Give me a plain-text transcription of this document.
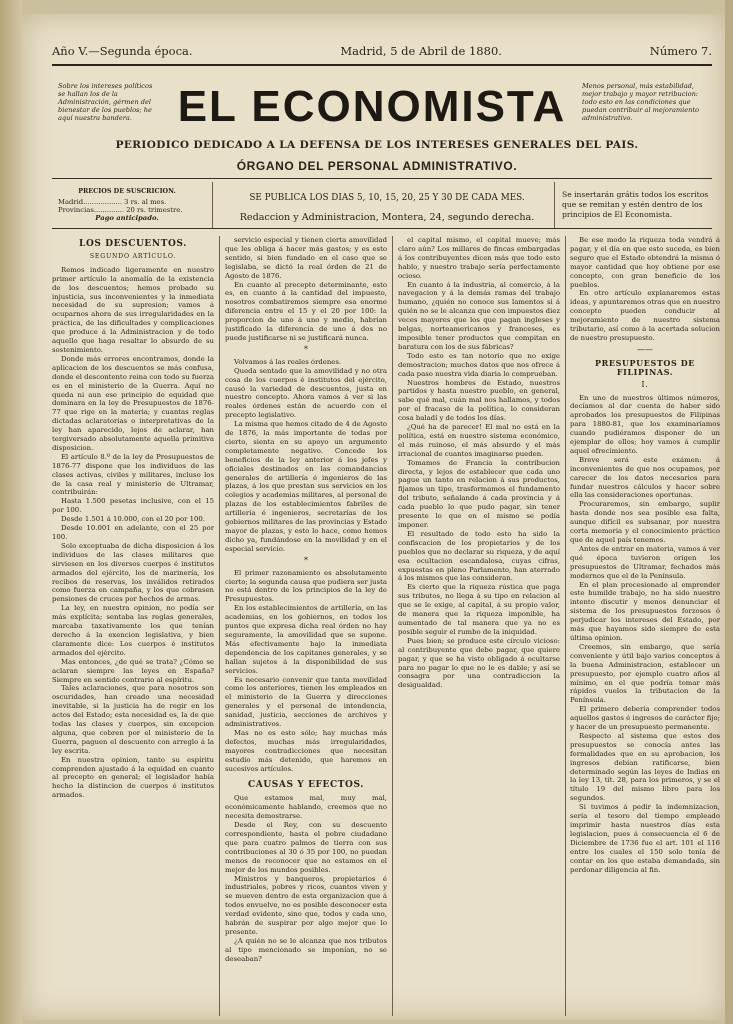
Año V.—Segunda época.	Madrid, 5 de Abril de 1880.	Número 7.
Sobre los intereses políticos se hallan los de la Administración, gérmen del bienestar de los pueblos; he aquí nuestra bandera.	EL ECONOMISTA	Menos personal, más estabilidad, mejor trabajo y mayor retribucion: todo esto en las condiciones que puedan contribuir al mejoramiento administrativo.
PERIODICO DEDICADO A LA DEFENSA DE LOS INTERESES GENERALES DEL PAIS.
ÓRGANO DEL PERSONAL ADMINISTRATIVO.
PRECIOS DE SUSCRICION.
Madrid.................. 3 rs. al mes.
Provincias.............. 20 rs. trimestre.
Pago anticipado.
SE PUBLICA LOS DIAS 5, 10, 15, 20, 25 Y 30 DE CADA MES.
Redaccion y Administracion, Montera, 24, segundo derecha.
Se insertarán grátis todos los escritos que se remitan y estén dentro de los principios de El Economista.
LOS DESCUENTOS.
SEGUNDO ARTÍCULO.

Remos indicado ligeramente en nuestro primer artículo la anomalía de la existencia de los descuentos; hemos probado su injusticia, sus inconvenientes y la inmediata necesidad de su supresion; vamos á ocuparnos ahora de sus irregularidades en la práctica, de las dificultades y complicaciones que produce á la Administracion y de todo aquello que haga resaltar lo absurdo de su sostenimiento.

Donde más errores encontramos, donde la aplicacion de los descuentos se más confusa, donde el descontento reina con todo su fuerza es en el ministerio de la Guerra. Aquí no queda ni aun ese principio de equidad que dominara en la ley de Presupuestos de 1876-77 que rige en la materia; y cuantas reglas dictadas aclaratorias o interpretativas de la ley han aparecido, lejos de aclarar, han tergiversado absolutamente aquella primitiva disposicion.

El artículo 8.º de la ley de Presupuestos de 1876-77 dispone que los individuos de las clases activas, civiles y militares, incluso los de la casa real y ministerio de Ultramar, contribuirán:

Hasta 1.500 pesetas inclusive, con el 15 por 100.

Desde 1.501 á 10.000, con el 20 por 100.

Desde 10.001 en adelante, con el 25 por 100.

Solo exceptuaba de dicha disposicion á los individuos de las clases militares que sirviesen en los diversos cuerpos é institutos armados del ejército, los de marinería, los recibos de reservas, los inválidos retirados como fuerza en campaña, y los que cobrasen pensiones de cruces por hechos de armas.

La ley, en nuestra opinion, no podía ser más explícita; sentaba las reglas generales, marcaba taxativamente los que tenían derecho á la exencion legislativa, y bien claramente dice: Los cuerpos é institutos armados del ejército.

Mas entonces, ¿de qué se trata? ¿Cómo se aclaran siempre las leyes en España? Siempre en sentido contrario al espíritu.

Tales aclaraciones, que para nosotros son oscuridades, han creado una necesidad inevitable, si la justicia ha de regir en los actos del Estado; esta necesidad es, la de que todas las clases y cuerpos, sin excepcion alguna, que cobren por el ministerio de la Guerra, paguen el descuento con arreglo á la ley escrita.

En nuestra opinion, tanto su espíritu comprenden ajustado á la equidad en cuanto al precepto en general; el legislador había hecho la distincion de cuerpos é institutos armados.

servicio especial y tienen cierta amovilidad que les obliga á hacer más gastos; y es esto sentido, si bien fundado en el caso que se legislaba, se dictó la real órden de 21 de Agosto de 1876.

En cuanto al precepto determinante, esto es, en cuanto á la cantidad del impuesto, nosotros combatiremos siempre esa enorme diferencia entre el 15 y el 20 por 100: la proporcion de uno á uno y medio, habrían justificado la diferencia de uno á dos no puede justificarse ni se justificará nunca.

*

Volvamos á las reales órdenes.

Queda sentado que la amovilidad y no otra cosa de los cuerpos é institutos del ejército, causó la variedad de descuentos, justa en nuestro concepto. Ahora vamos á ver si las reales órdenes están de acuerdo con el precepto legislativo.

La misma que hemos citado de 4 de Agosto de 1876, la más importante de todas por cierto, sienta en su apoyo un argumento completamente negativo. Concede los beneficios de la ley anterior á los jefes y oficiales destinados en las comandancias generales de artillería é ingenieros de las plazas, á los que prestan sus servicios en los colegios y academias militares, al personal de plazas de los establecimientos fabriles de artillería é ingenieros, secretarías de los gobiernos militares de las provincias y Estado mayor de plazas, y esto lo hace, como hemos dicho ya, fundándose en la movilidad y en el especial servicio.

*

El primer razonamiento es absolutamente cierto; la segunda causa que pudiera ser justa no está dentro de los principios de la ley de Presupuestos.

En los establecimientos de artillería, en las academias, en los gobiernos, en todos los puntos que expresa dicha real órden no hay seguramente, la amovilidad que se supone. Más efectivamente bajo la inmediata dependencia de los capitanes generales, y se hallan sujetos á la disponibilidad de sus servicios.

Es necesario convenir que tanta movilidad como los anteriores, tienen los empleados en el ministerio de la Guerra y direcciones generales y el personal de intendencia, sanidad, justicia, secciones de archivos y administrativos.

Mas no es esto sólo; hay muchas más defectos, muchas más irregularidades, mayores contradicciones que necesitan estudio más detenido, que haremos en sucesivos artículos.

CAUSAS Y EFECTOS.

Que estamos mal, muy mal, económicamente hablando, creemos que no necesita demostrarse.

Desde el Rey, con su descuento correspondiente, hasta el pobre ciudadano que para cuatro palmos de tierra con sus contribuciones al 30 ó 35 por 100, no puedan menos de reconocer que no estamos en el mejor de los mundos posibles.

Ministros y banqueros, propietarios é industriales, pobres y ricos, cuantos viven y se mueven dentro de esta organizacion que á todos envuelve, no es posible desconocer esta verdad evidente, sino que, todos y cada uno, habrán de suspirar por algo mejor que lo presente.

¿A quién no se le alcanza que nos tributos al tipo mencionado se imponían, no se deseaban?

el capital mismo, el capital mueve; más claro aún? Los millares de fincas embargadas á los contribuyentes dicen más que todo esto hablo, y nuestro trabajo sería perfectamente ocioso.

En cuanto á la industria, al comercio, á la navegacion y á la demás ramas del trabajo humano, ¿quién no conoce sus lamentos si á quién no se le alcanza que con impuestos diez veces mayores que los que pagan ingleses y belgas, norteamericanos y franceses, es imposible tener productos que compitan en baratura con los de sus fábricas?

Todo esto es tan notorio que no exige demostracion; muchos datos que nos ofrece á cada paso nuestra vida diaria lo comprueban.

Nuestros hombres de Estado, nuestros partidos y hasta nuestro pueblo, en general, sabe qué mal, cuán mal nos hallamos, y todos por el fracaso de la política, lo consideran cosa baladí y de todos los días.

¿Qué ha de parecer! El mal no está en la política, está en nuestro sistema económico, el más ruinoso, el más absurdo y el más irracional de cuantos imaginarse pueden.

Tomamos de Francia la contribucion directa, y lejos de establecer que cada uno pague un tanto en relacion á sus productos, fijamos un tipo, trasformamos el fundamento del tributo, señalando á cada provincia y á cada pueblo lo que pudo pagar, sin tener presente lo que en el mismo se podía imponer.

El resultado de todo esto ha sido la confiscacion de los propietarios y de los pueblos que no declarar su riqueza, y de aquí esa ocultacion escandalosa, cuyas cifras, expuestas en pleno Parlamento, han aterrado á los mismos que las consideran.

Es cierto que la riqueza rústica que paga sus tributos, no llega á su tipo en relacion al que se le exige, al capital, á su propio valor, de manera que la riqueza imponible, ha aumentado de tal manera que ya no es posible seguir el rumbo de la iniquidad.

Pues bien; se produce este círculo vicioso: al contribuyente que debe pagar, que quiere pagar, y que se ha visto obligado á ocultarse para no pagar lo que no le es dable; y así se consagra por una contradiccion la desigualdad.

Be ese modo la riqueza toda vendrá á pagar, y el día en que esto suceda, es bien seguro que el Estado obtendrá la misma ó mayor cantidad que hoy obtiene por ese concepto, con gran beneficio de los pueblos.

En otro artículo explanaremos estas ideas, y apuntaremos otras que en nuestro concepto pueden conducir al mejoramiento de nuestro sistema tributario, así como á la acertada solucion de nuestro presupuesto.

——
PRESUPUESTOS DE FILIPINAS.
I.

En uno de nuestros últimos números, decíamos al dar cuenta de haber sido aprobados los presupuestos de Filipinas para 1880-81, que los examinaríamos cuando pudiéramos disponer de un ejemplar de ellos; hoy vamos á cumplir aquel ofrecimiento.

Breve será este exámen: á inconvenientes de que nos ocupamos, por carecer de los datos necesarios para fundar nuestros cálculos y hacer sobre ella las consideraciones oportunas.

Procuraremos, sin embargo, suplir hasta donde nos sea posible esa falta, aunque difícil es subsanar, por nuestra corta memoria y el conocimiento práctico que de aquel país tenemos.

Antes de entrar en materia, vamos á ver qué época tuvieron origen los presupuestos de Ultramar, fechados más modernos que el de la Península.

En el plan procesionado al emprender este humilde trabajo, no ha sido nuestro intento discutir y menos denunciar el sistema de los presupuestos forzosos ó perjudicar los intereses del Estado, por más que hayamos sido siempre de esta última opinion.

Creemos, sin embargo, que sería conveniente y útil bajo varios conceptos á la buena Administracion, establecer un presupuesto, por ejemplo cuatro años al mínimo, en el que podría tomar más rápidos vuelos la tributacion de la Península.

El primero debería comprender todos aquellos gastos é ingresos de carácter fijo; y hacer de un presupuesto permanente.

Respecto al sistema que estos dos presupuestos se conocía antes las formalidades que en su aprobacion, los ingresos debían ratificarse, bien determinado según las leyes de Indias en la ley 13, tít. 28, para los primeros, y se el título 19 del mismo libro para los segundos.

Si tuvimos á pedir la indemnizacion, sería el tesoro del tiempo empleado imprimir hasta nuestros días esta legislacion, pues á consecuencia el 6 de Diciembre de 1736 fue el art. 101 el 116 entre los cuales el 150 solo tenía de contar en los que estaba demandada, sin perdonar diligencia al fin.
